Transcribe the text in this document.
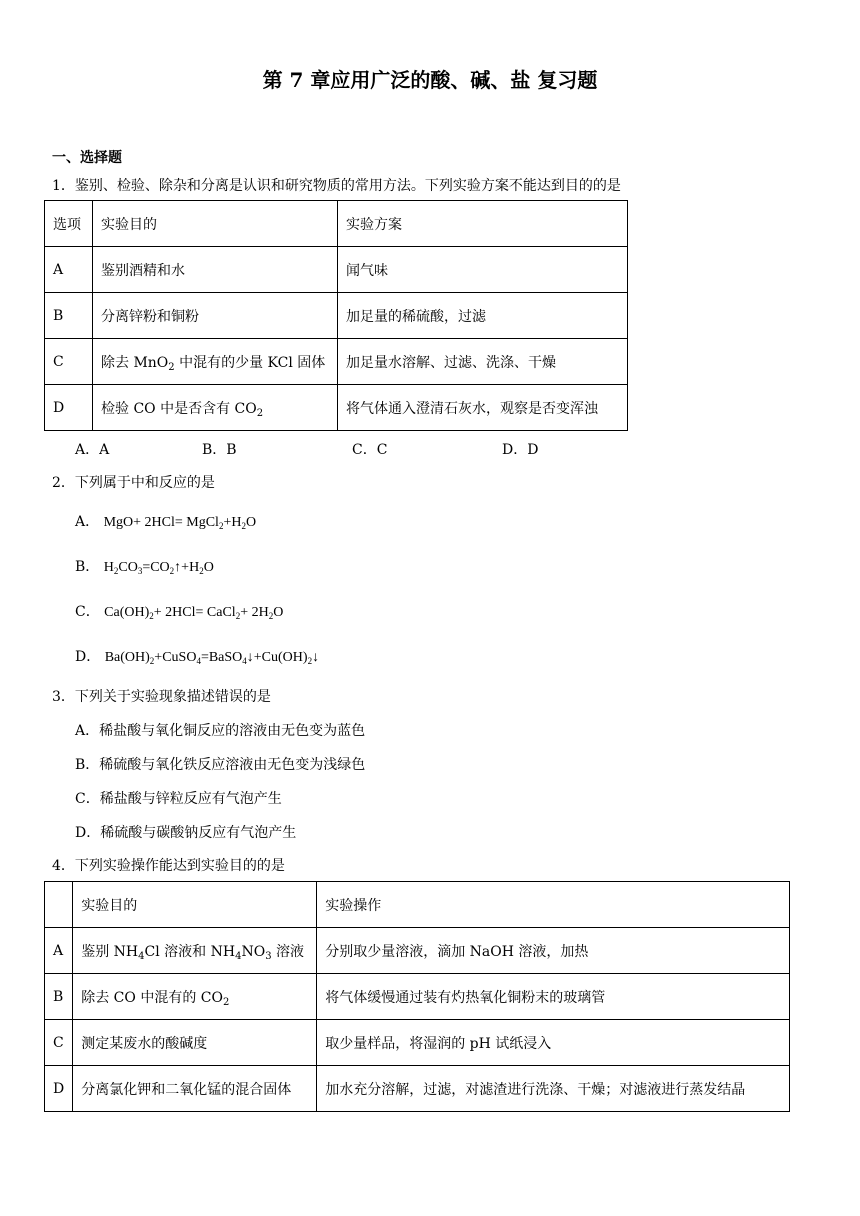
第 7 章应用广泛的酸、碱、盐 复习题
一、选择题
1．鉴别、检验、除杂和分离是认识和研究物质的常用方法。下列实验方案不能达到目的的是
选项	实验目的	实验方案
A	鉴别酒精和水	闻气味
B	分离锌粉和铜粉	加足量的稀硫酸，过滤
C	除去 MnO$_2$ 中混有的少量 KCl 固体	加足量水溶解、过滤、洗涤、干燥
D	检验 CO 中是否含有 $CO_2$	将气体通入澄清石灰水，观察是否变浑浊
A．A	B．B	C．C	D．D
2．下列属于中和反应的是
A． $MgO+ 2HCl= MgCl_2+H_2O$
B． $H_2CO_3=CO_2↑+H_2O$
C． $Ca(OH)_2+ 2HCl=$ CaCl$_2$+ $2H_2O$
D． $Ba(OH)_2+CuSO_4=BaSO_4↓+Cu(OH)_2↓$
3．下列关于实验现象描述错误的是
A．稀盐酸与氧化铜反应的溶液由无色变为蓝色
B．稀硫酸与氧化铁反应溶液由无色变为浅绿色
C．稀盐酸与锌粒反应有气泡产生
D．稀硫酸与碳酸钠反应有气泡产生
4．下列实验操作能达到实验目的的是
	实验目的	实验操作
A	鉴别 $NH_4Cl$ 溶液和 $NH_4NO_3$ 溶液	分别取少量溶液，滴加 NaOH 溶液，加热
B	除去 CO 中混有的 $CO_2$	将气体缓慢通过装有灼热氧化铜粉末的玻璃管
C	测定某废水的酸碱度	取少量样品，将湿润的 pH 试纸浸入
D	分离氯化钾和二氧化锰的混合固体	加水充分溶解，过滤，对滤渣进行洗涤、干燥；对滤液进行蒸发结晶
